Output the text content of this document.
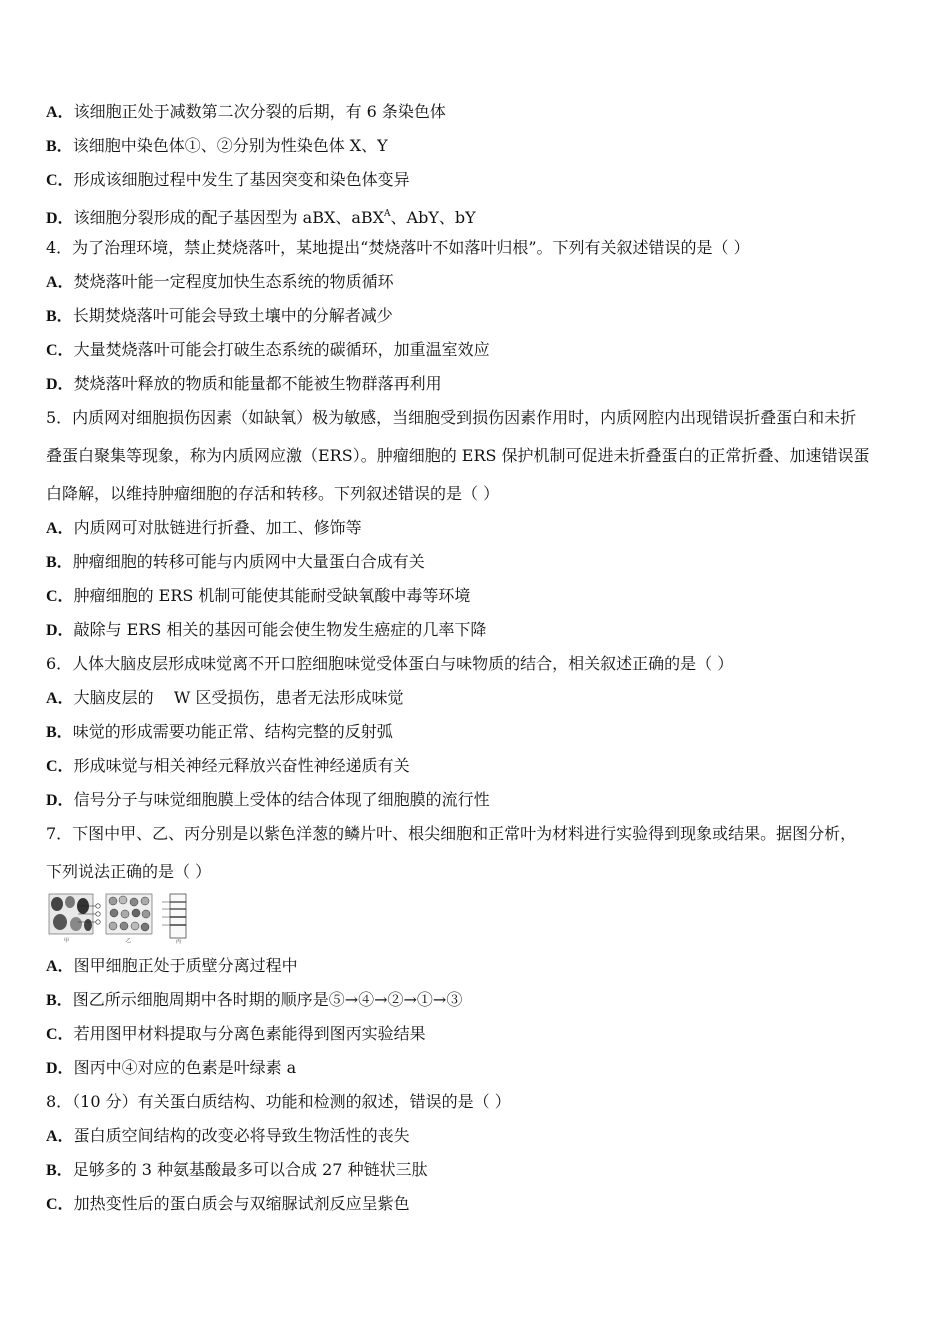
A．该细胞正处于减数第二次分裂的后期，有 6 条染色体
B．该细胞中染色体①、②分别为性染色体 X、Y
C．形成该细胞过程中发生了基因突变和染色体变异
D．该细胞分裂形成的配子基因型为 aBX、aBX$^A$、AbY、bY
4．为了治理环境，禁止焚烧落叶，某地提出“焚烧落叶不如落叶归根”。下列有关叙述错误的是（ ）
A．焚烧落叶能一定程度加快生态系统的物质循环
B．长期焚烧落叶可能会导致土壤中的分解者减少
C．大量焚烧落叶可能会打破生态系统的碳循环，加重温室效应
D．焚烧落叶释放的物质和能量都不能被生物群落再利用
5．内质网对细胞损伤因素（如缺氧）极为敏感，当细胞受到损伤因素作用时，内质网腔内出现错误折叠蛋白和未折
叠蛋白聚集等现象，称为内质网应激（ERS）。肿瘤细胞的 ERS 保护机制可促进未折叠蛋白的正常折叠、加速错误蛋
白降解，以维持肿瘤细胞的存活和转移。下列叙述错误的是（ ）
A．内质网可对肽链进行折叠、加工、修饰等
B．肿瘤细胞的转移可能与内质网中大量蛋白合成有关
C．肿瘤细胞的 ERS 机制可能使其能耐受缺氧酸中毒等环境
D．敲除与 ERS 相关的基因可能会使生物发生癌症的几率下降
6．人体大脑皮层形成味觉离不开口腔细胞味觉受体蛋白与味物质的结合，相关叙述正确的是（ ）
A．大脑皮层的    W 区受损伤，患者无法形成味觉
B．味觉的形成需要功能正常、结构完整的反射弧
C．形成味觉与相关神经元释放兴奋性神经递质有关
D．信号分子与味觉细胞膜上受体的结合体现了细胞膜的流行性
7．下图中甲、乙、丙分别是以紫色洋葱的鳞片叶、根尖细胞和正常叶为材料进行实验得到现象或结果。据图分析，
下列说法正确的是（ ）
甲	乙	丙
A．图甲细胞正处于质壁分离过程中
B．图乙所示细胞周期中各时期的顺序是⑤→④→②→①→③
C．若用图甲材料提取与分离色素能得到图丙实验结果
D．图丙中④对应的色素是叶绿素 a
8．（10 分）有关蛋白质结构、功能和检测的叙述，错误的是（ ）
A．蛋白质空间结构的改变必将导致生物活性的丧失
B．足够多的 3 种氨基酸最多可以合成 27 种链状三肽
C．加热变性后的蛋白质会与双缩脲试剂反应呈紫色
